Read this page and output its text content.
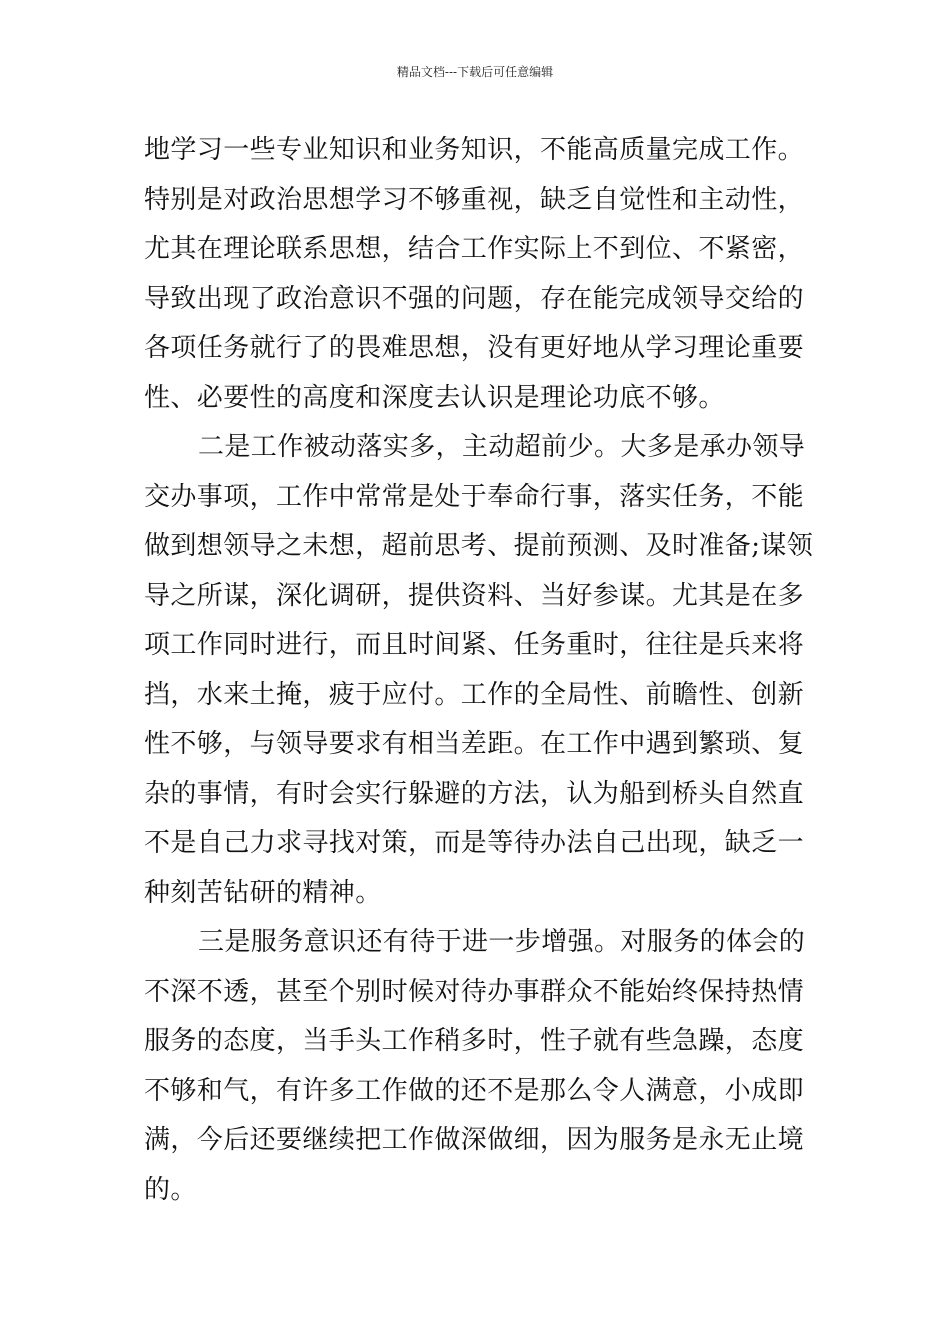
精品文档---下载后可任意编辑
地学习一些专业知识和业务知识，不能高质量完成工作。
特别是对政治思想学习不够重视，缺乏自觉性和主动性，
尤其在理论联系思想，结合工作实际上不到位、不紧密，
导致出现了政治意识不强的问题，存在能完成领导交给的
各项任务就行了的畏难思想，没有更好地从学习理论重要
性、必要性的高度和深度去认识是理论功底不够。
二是工作被动落实多，主动超前少。大多是承办领导
交办事项，工作中常常是处于奉命行事，落实任务，不能
做到想领导之未想，超前思考、提前预测、及时准备;谋领
导之所谋，深化调研，提供资料、当好参谋。尤其是在多
项工作同时进行，而且时间紧、任务重时，往往是兵来将
挡，水来土掩，疲于应付。工作的全局性、前瞻性、创新
性不够，与领导要求有相当差距。在工作中遇到繁琐、复
杂的事情，有时会实行躲避的方法，认为船到桥头自然直
不是自己力求寻找对策，而是等待办法自己出现，缺乏一
种刻苦钻研的精神。
三是服务意识还有待于进一步增强。对服务的体会的
不深不透，甚至个别时候对待办事群众不能始终保持热情
服务的态度，当手头工作稍多时，性子就有些急躁，态度
不够和气，有许多工作做的还不是那么令人满意，小成即
满，今后还要继续把工作做深做细，因为服务是永无止境
的。
